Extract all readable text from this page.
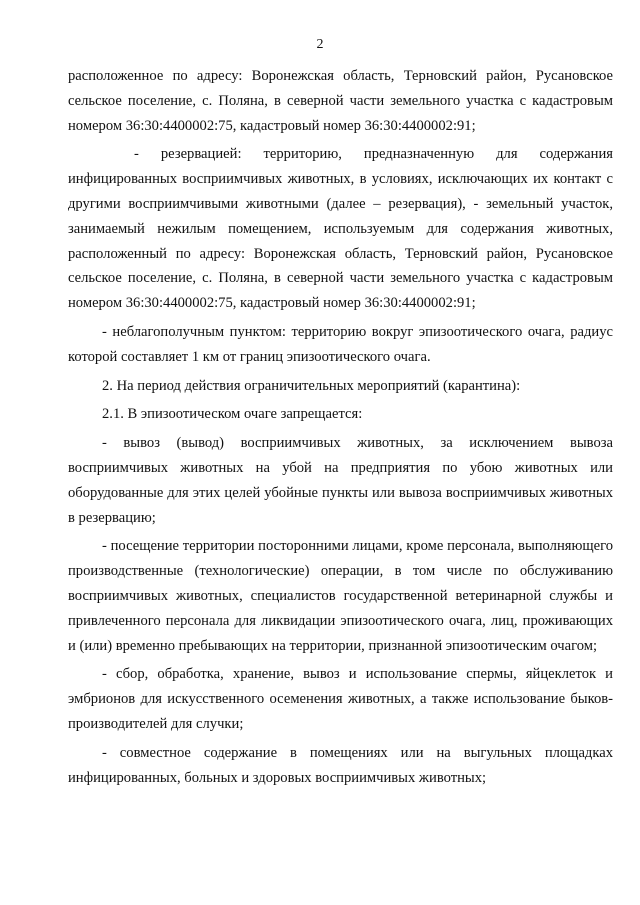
2

расположенное по адресу: Воронежская область, Терновский район, Русановское сельское поселение, с. Поляна, в северной части земельного участка с кадастровым номером 36:30:4400002:75, кадастровый номер 36:30:4400002:91;

- резервацией: территорию, предназначенную для содержания инфицированных восприимчивых животных, в условиях, исключающих их контакт с другими восприимчивыми животными (далее – резервация), - земельный участок, занимаемый нежилым помещением, используемым для содержания животных, расположенный по адресу: Воронежская область, Терновский район, Русановское сельское поселение, с. Поляна, в северной части земельного участка с кадастровым номером 36:30:4400002:75, кадастровый номер 36:30:4400002:91;

- неблагополучным пунктом: территорию вокруг эпизоотического очага, радиус которой составляет 1 км от границ эпизоотического очага.

2. На период действия ограничительных мероприятий (карантина):

2.1. В эпизоотическом очаге запрещается:

- вывоз (вывод) восприимчивых животных, за исключением вывоза восприимчивых животных на убой на предприятия по убою животных или оборудованные для этих целей убойные пункты или вывоза восприимчивых животных в резервацию;

- посещение территории посторонними лицами, кроме персонала, выполняющего производственные (технологические) операции, в том числе по обслуживанию восприимчивых животных, специалистов государственной ветеринарной службы и привлеченного персонала для ликвидации эпизоотического очага, лиц, проживающих и (или) временно пребывающих на территории, признанной эпизоотическим очагом;

- сбор, обработка, хранение, вывоз и использование спермы, яйцеклеток и эмбрионов для искусственного осеменения животных, а также использование быков-производителей для случки;

- совместное содержание в помещениях или на выгульных площадках инфицированных, больных и здоровых восприимчивых животных;
